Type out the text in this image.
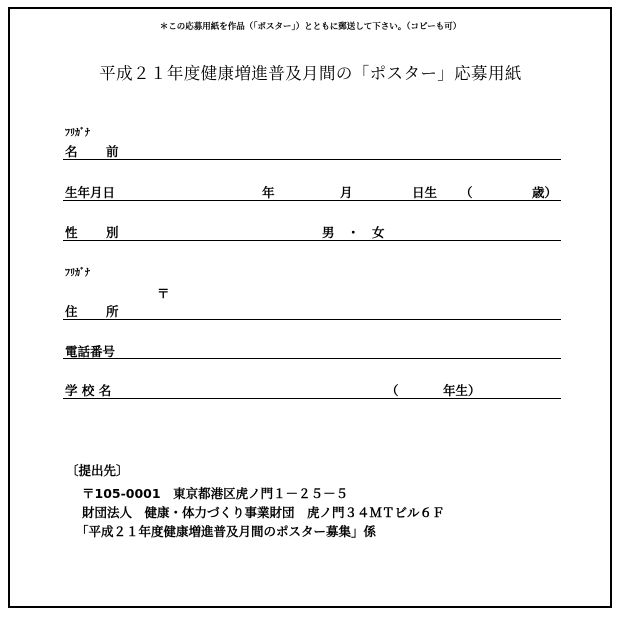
＊この応募用紙を作品（「ポスター」）とともに郵送して下さい。（コピーも可）
平成２１年度健康増進普及月間の「ポスター」応募用紙
ﾌﾘｶﾞﾅ
名　前
生年月日	年	月	日生 （	歳）
性　別	男　・　女
ﾌﾘｶﾞﾅ
〒
住　所
電話番号
学 校 名	（	年生）
〔提出先〕
〒105-0001　東京都港区虎ノ門１－２５－５
財団法人　健康・体力づくり事業財団　虎ノ門３４ＭＴビル６Ｆ
「平成２１年度健康増進普及月間のポスター募集」係
